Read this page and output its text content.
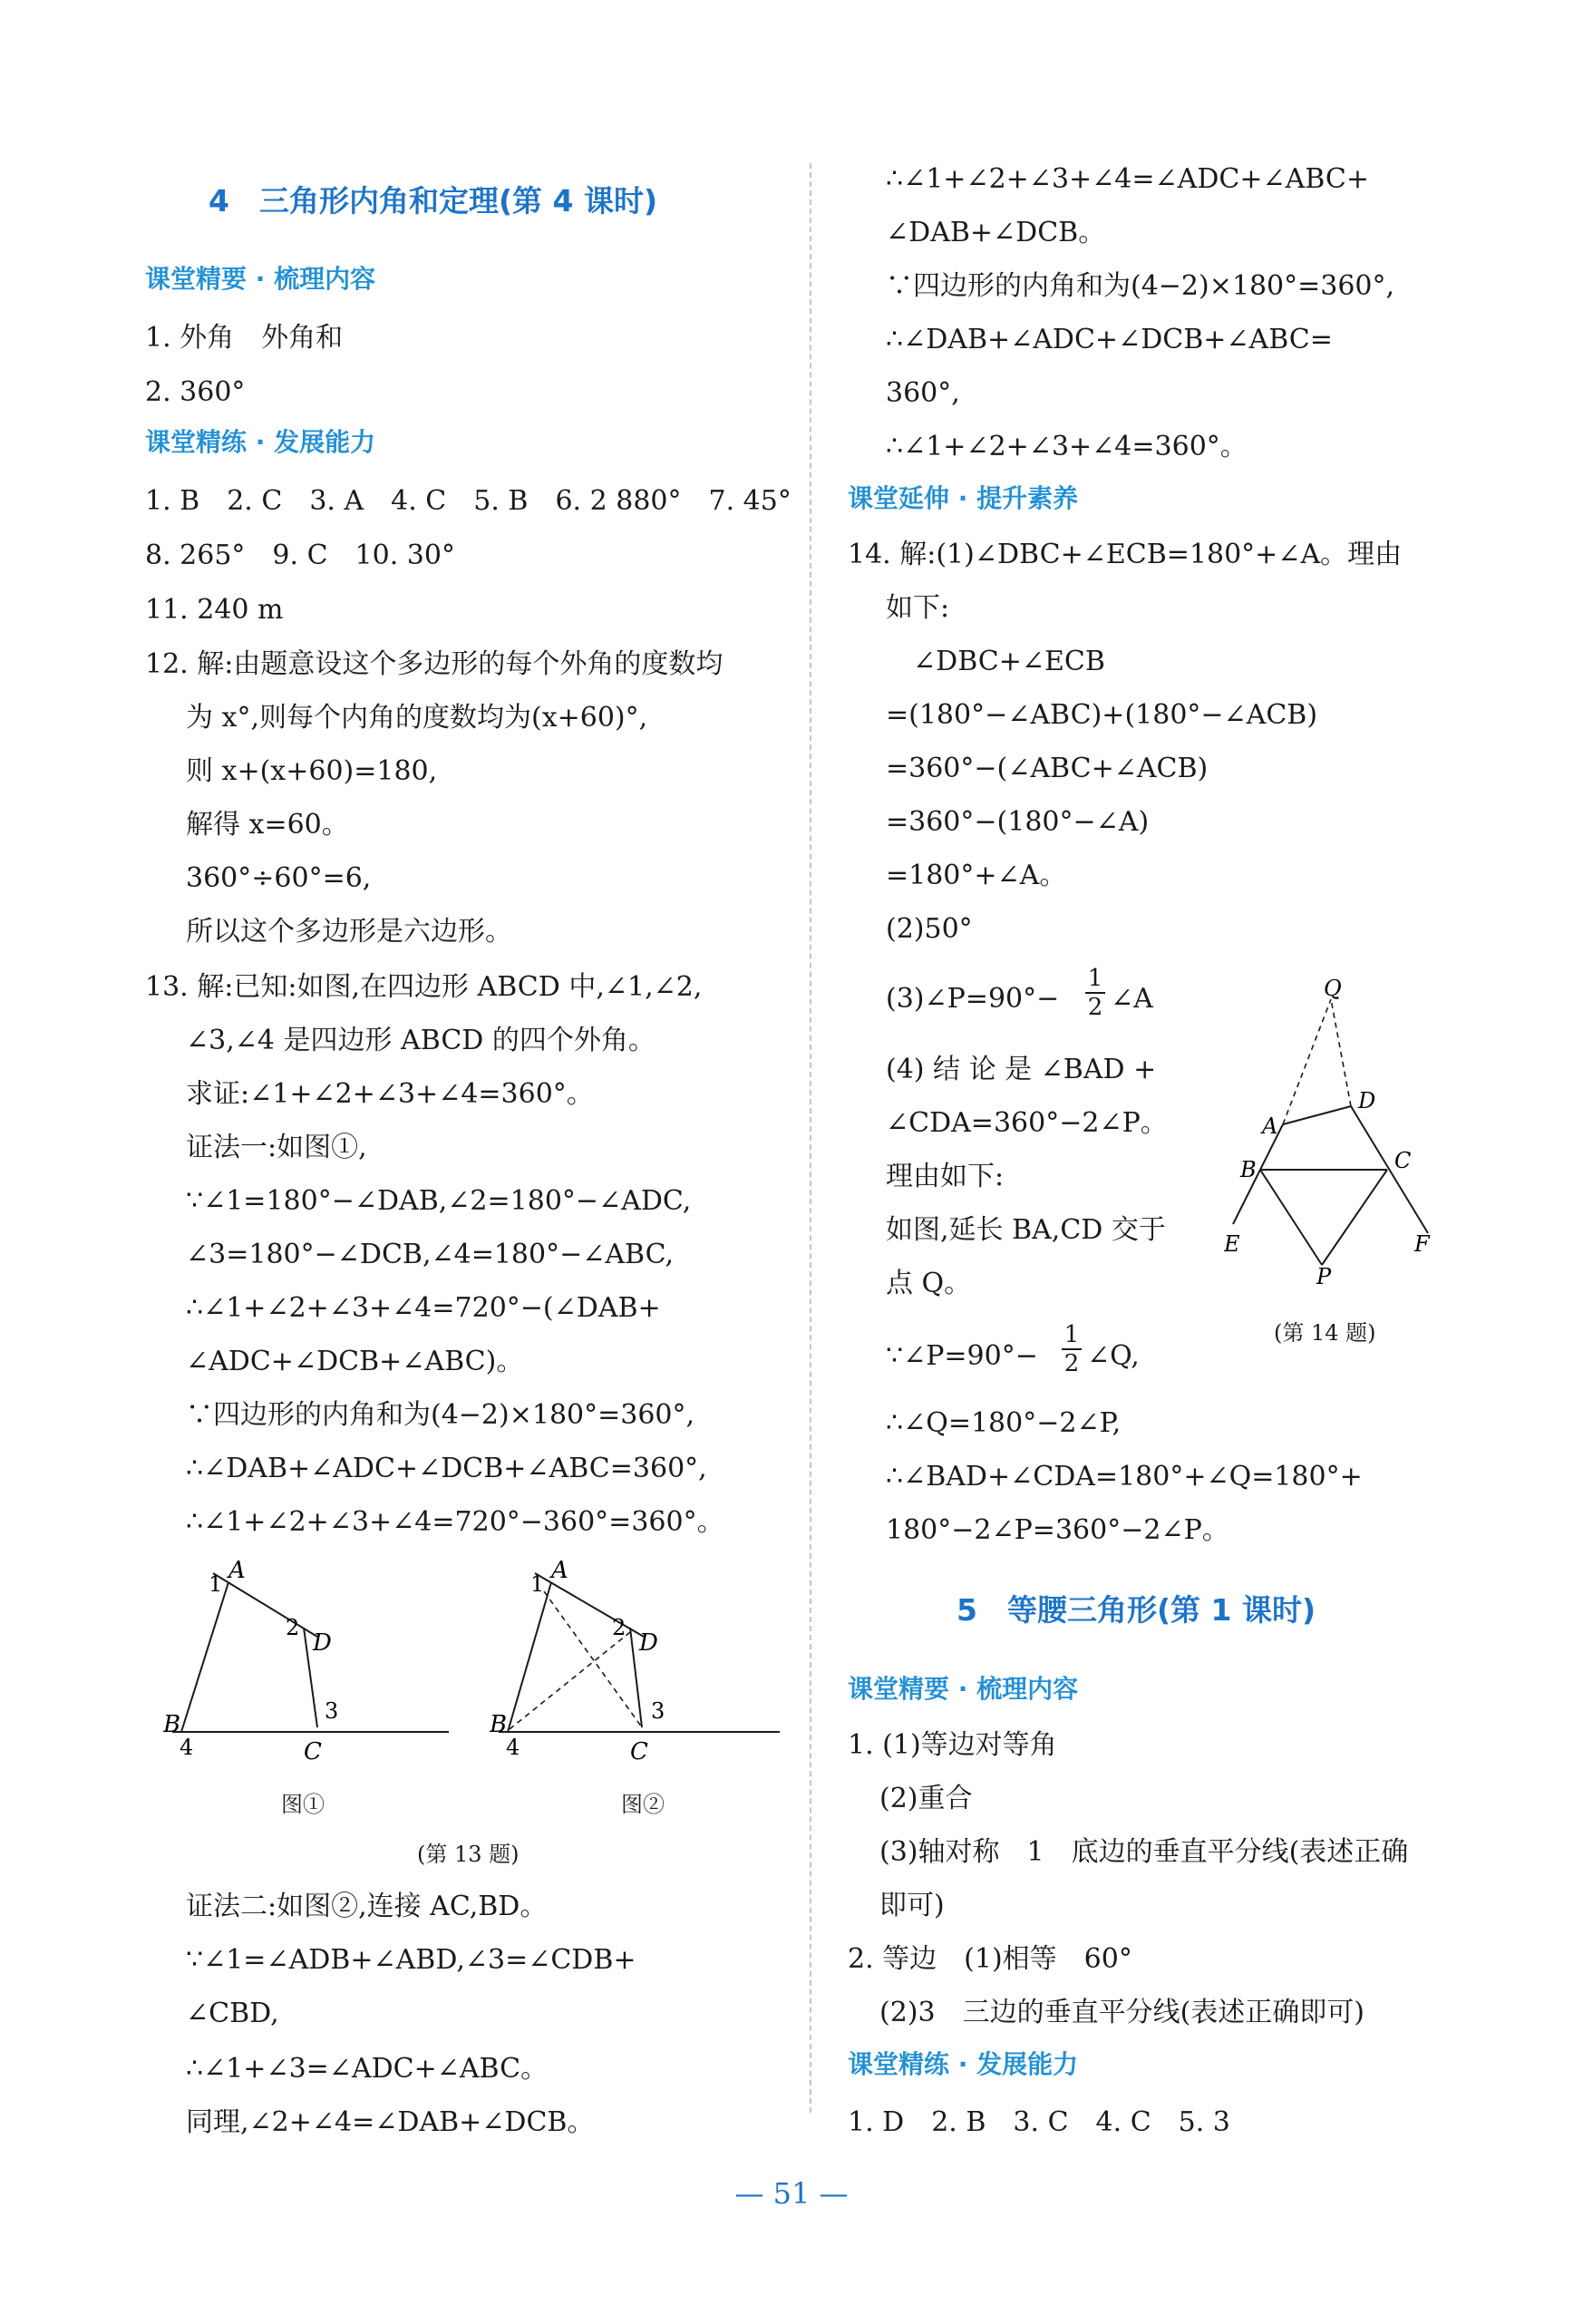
4　三角形内角和定理(第 4 课时)
课堂精要 · 梳理内容
1. 外角　外角和
2. 360°
课堂精练 · 发展能力
1. B　2. C　3. A　4. C　5. B　6. 2 880°　7. 45°
8. 265°　9. C　10. 30°
11. 240 m
12. 解:由题意设这个多边形的每个外角的度数均
为 x°,则每个内角的度数均为(x+60)°,
则 x+(x+60)=180,
解得 x=60。
360°÷60°=6,
所以这个多边形是六边形。
13. 解:已知:如图,在四边形 ABCD 中,∠1,∠2,
∠3,∠4 是四边形 ABCD 的四个外角。
求证:∠1+∠2+∠3+∠4=360°。
证法一:如图①,
∵∠1=180°−∠DAB,∠2=180°−∠ADC,
∠3=180°−∠DCB,∠4=180°−∠ABC,
∴∠1+∠2+∠3+∠4=720°−(∠DAB+
∠ADC+∠DCB+∠ABC)。
∵四边形的内角和为(4−2)×180°=360°,
∴∠DAB+∠ADC+∠DCB+∠ABC=360°,
∴∠1+∠2+∠3+∠4=720°−360°=360°。
A
B
C
D
1
2
3
4
A
B
C
D
1
2
3
4
图①	图②
(第 13 题)
证法二:如图②,连接 AC,BD。
∵∠1=∠ADB+∠ABD,∠3=∠CDB+
∠CBD,
∴∠1+∠3=∠ADC+∠ABC。
同理,∠2+∠4=∠DAB+∠DCB。
∴∠1+∠2+∠3+∠4=∠ADC+∠ABC+
∠DAB+∠DCB。
∵四边形的内角和为(4−2)×180°=360°,
∴∠DAB+∠ADC+∠DCB+∠ABC=
360°,
∴∠1+∠2+∠3+∠4=360°。
课堂延伸 · 提升素养
14. 解:(1)∠DBC+∠ECB=180°+∠A。理由
如下:
∠DBC+∠ECB
=(180°−∠ABC)+(180°−∠ACB)
=360°−(∠ABC+∠ACB)
=360°−(180°−∠A)
=180°+∠A。
(2)50°
(3)∠P=90°− $\frac{1}{2}$ ∠A
(4) 结 论 是 ∠BAD +
∠CDA=360°−2∠P。
理由如下:
如图,延长 BA,CD 交于
点 Q。
∵∠P=90°− $\frac{1}{2}$ ∠Q,
∴∠Q=180°−2∠P,
∴∠BAD+∠CDA=180°+∠Q=180°+
180°−2∠P=360°−2∠P。
Q
A
D
B	C
E	F
P
(第 14 题)
5　等腰三角形(第 1 课时)
课堂精要 · 梳理内容
1. (1)等边对等角
(2)重合
(3)轴对称　1　底边的垂直平分线(表述正确
即可)
2. 等边　(1)相等　60°
(2)3　三边的垂直平分线(表述正确即可)
课堂精练 · 发展能力
1. D　2. B　3. C　4. C　5. 3
— 51 —
